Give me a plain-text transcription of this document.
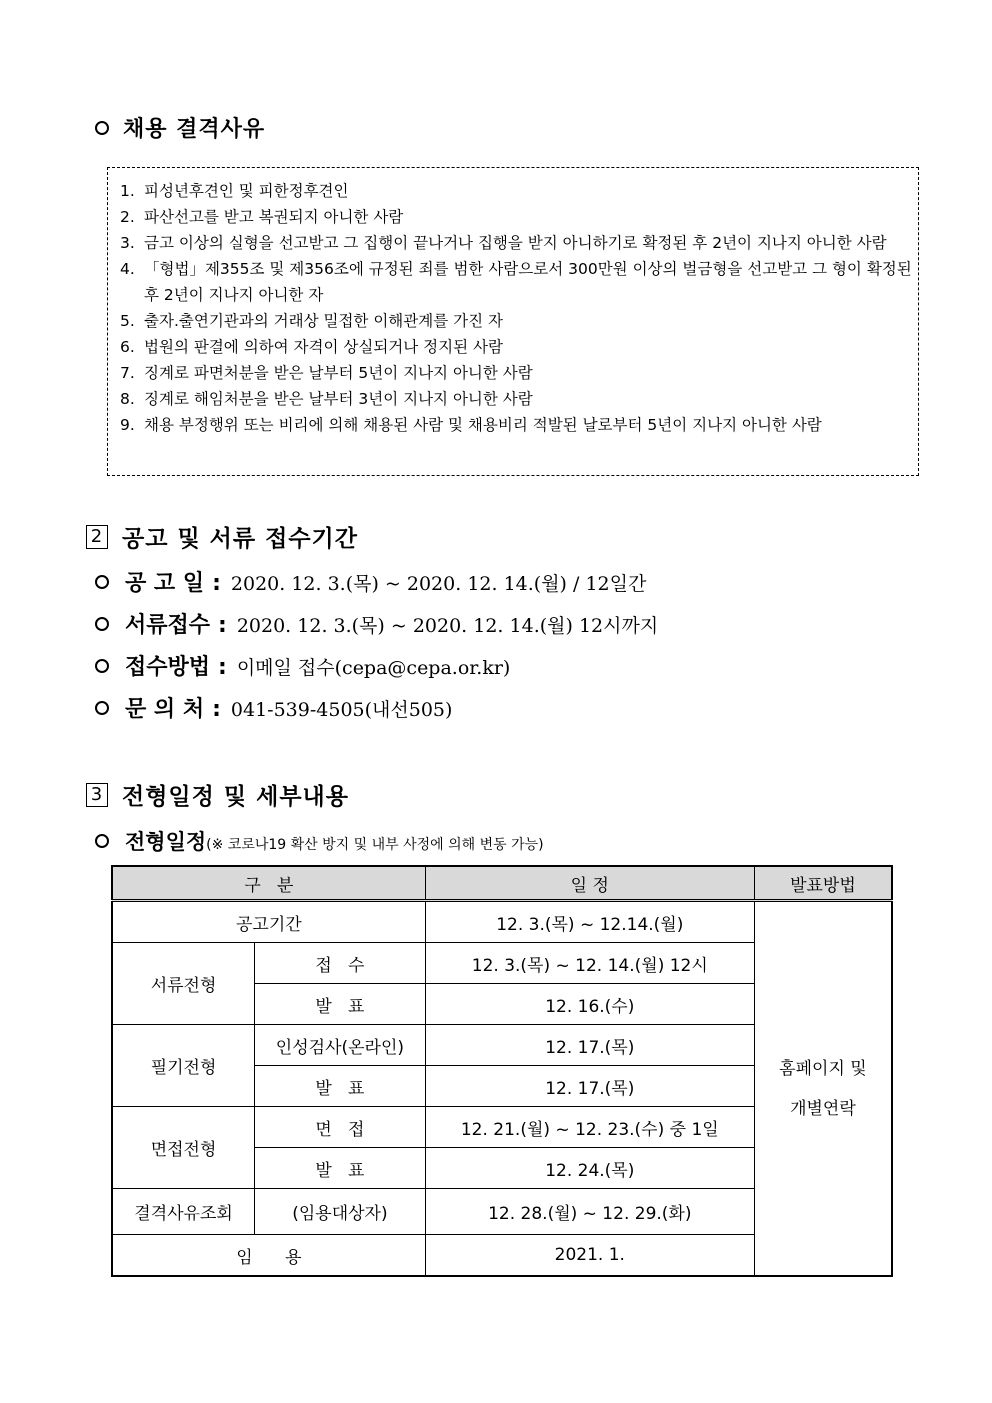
채용 결격사유
1. 피성년후견인 및 피한정후견인
2. 파산선고를 받고 복권되지 아니한 사람
3. 금고 이상의 실형을 선고받고 그 집행이 끝나거나 집행을 받지 아니하기로 확정된 후 2년이 지나지 아니한 사람
4. 「형법」제355조 및 제356조에 규정된 죄를 범한 사람으로서 300만원 이상의 벌금형을 선고받고 그 형이 확정된 후 2년이 지나지 아니한 자
5. 출자.출연기관과의 거래상 밀접한 이해관계를 가진 자
6. 법원의 판결에 의하여 자격이 상실되거나 정지된 사람
7. 징계로 파면처분을 받은 날부터 5년이 지나지 아니한 사람
8. 징계로 해임처분을 받은 날부터 3년이 지나지 아니한 사람
9. 채용 부정행위 또는 비리에 의해 채용된 사람 및 채용비리 적발된 날로부터 5년이 지나지 아니한 사람
2 공고 및 서류 접수기간
공 고 일 : 2020. 12. 3.(목) ~ 2020. 12. 14.(월) / 12일간
서류접수 : 2020. 12. 3.(목) ~ 2020. 12. 14.(월) 12시까지
접수방법 : 이메일 접수(cepa@cepa.or.kr)
문 의 처 : 041-539-4505(내선505)
3 전형일정 및 세부내용
전형일정(※ 코로나19 확산 방지 및 내부 사정에 의해 변동 가능)
구   분		일 정	발표방법
공고기간		12. 3.(목) ~ 12.14.(월)	홈페이지 및
개별연락

서류전형	접   수	12. 3.(목) ~ 12. 14.(월) 12시	
	발   표	12. 16.(수)	
필기전형	인성검사(온라인)	12. 17.(목)	
	발   표	12. 17.(목)	
면접전형	면   접	12. 21.(월) ~ 12. 23.(수) 중 1일	
	발   표	12. 24.(목)	
결격사유조회	(임용대상자)	12. 28.(월) ~ 12. 29.(화)	
임      용		2021. 1.	
